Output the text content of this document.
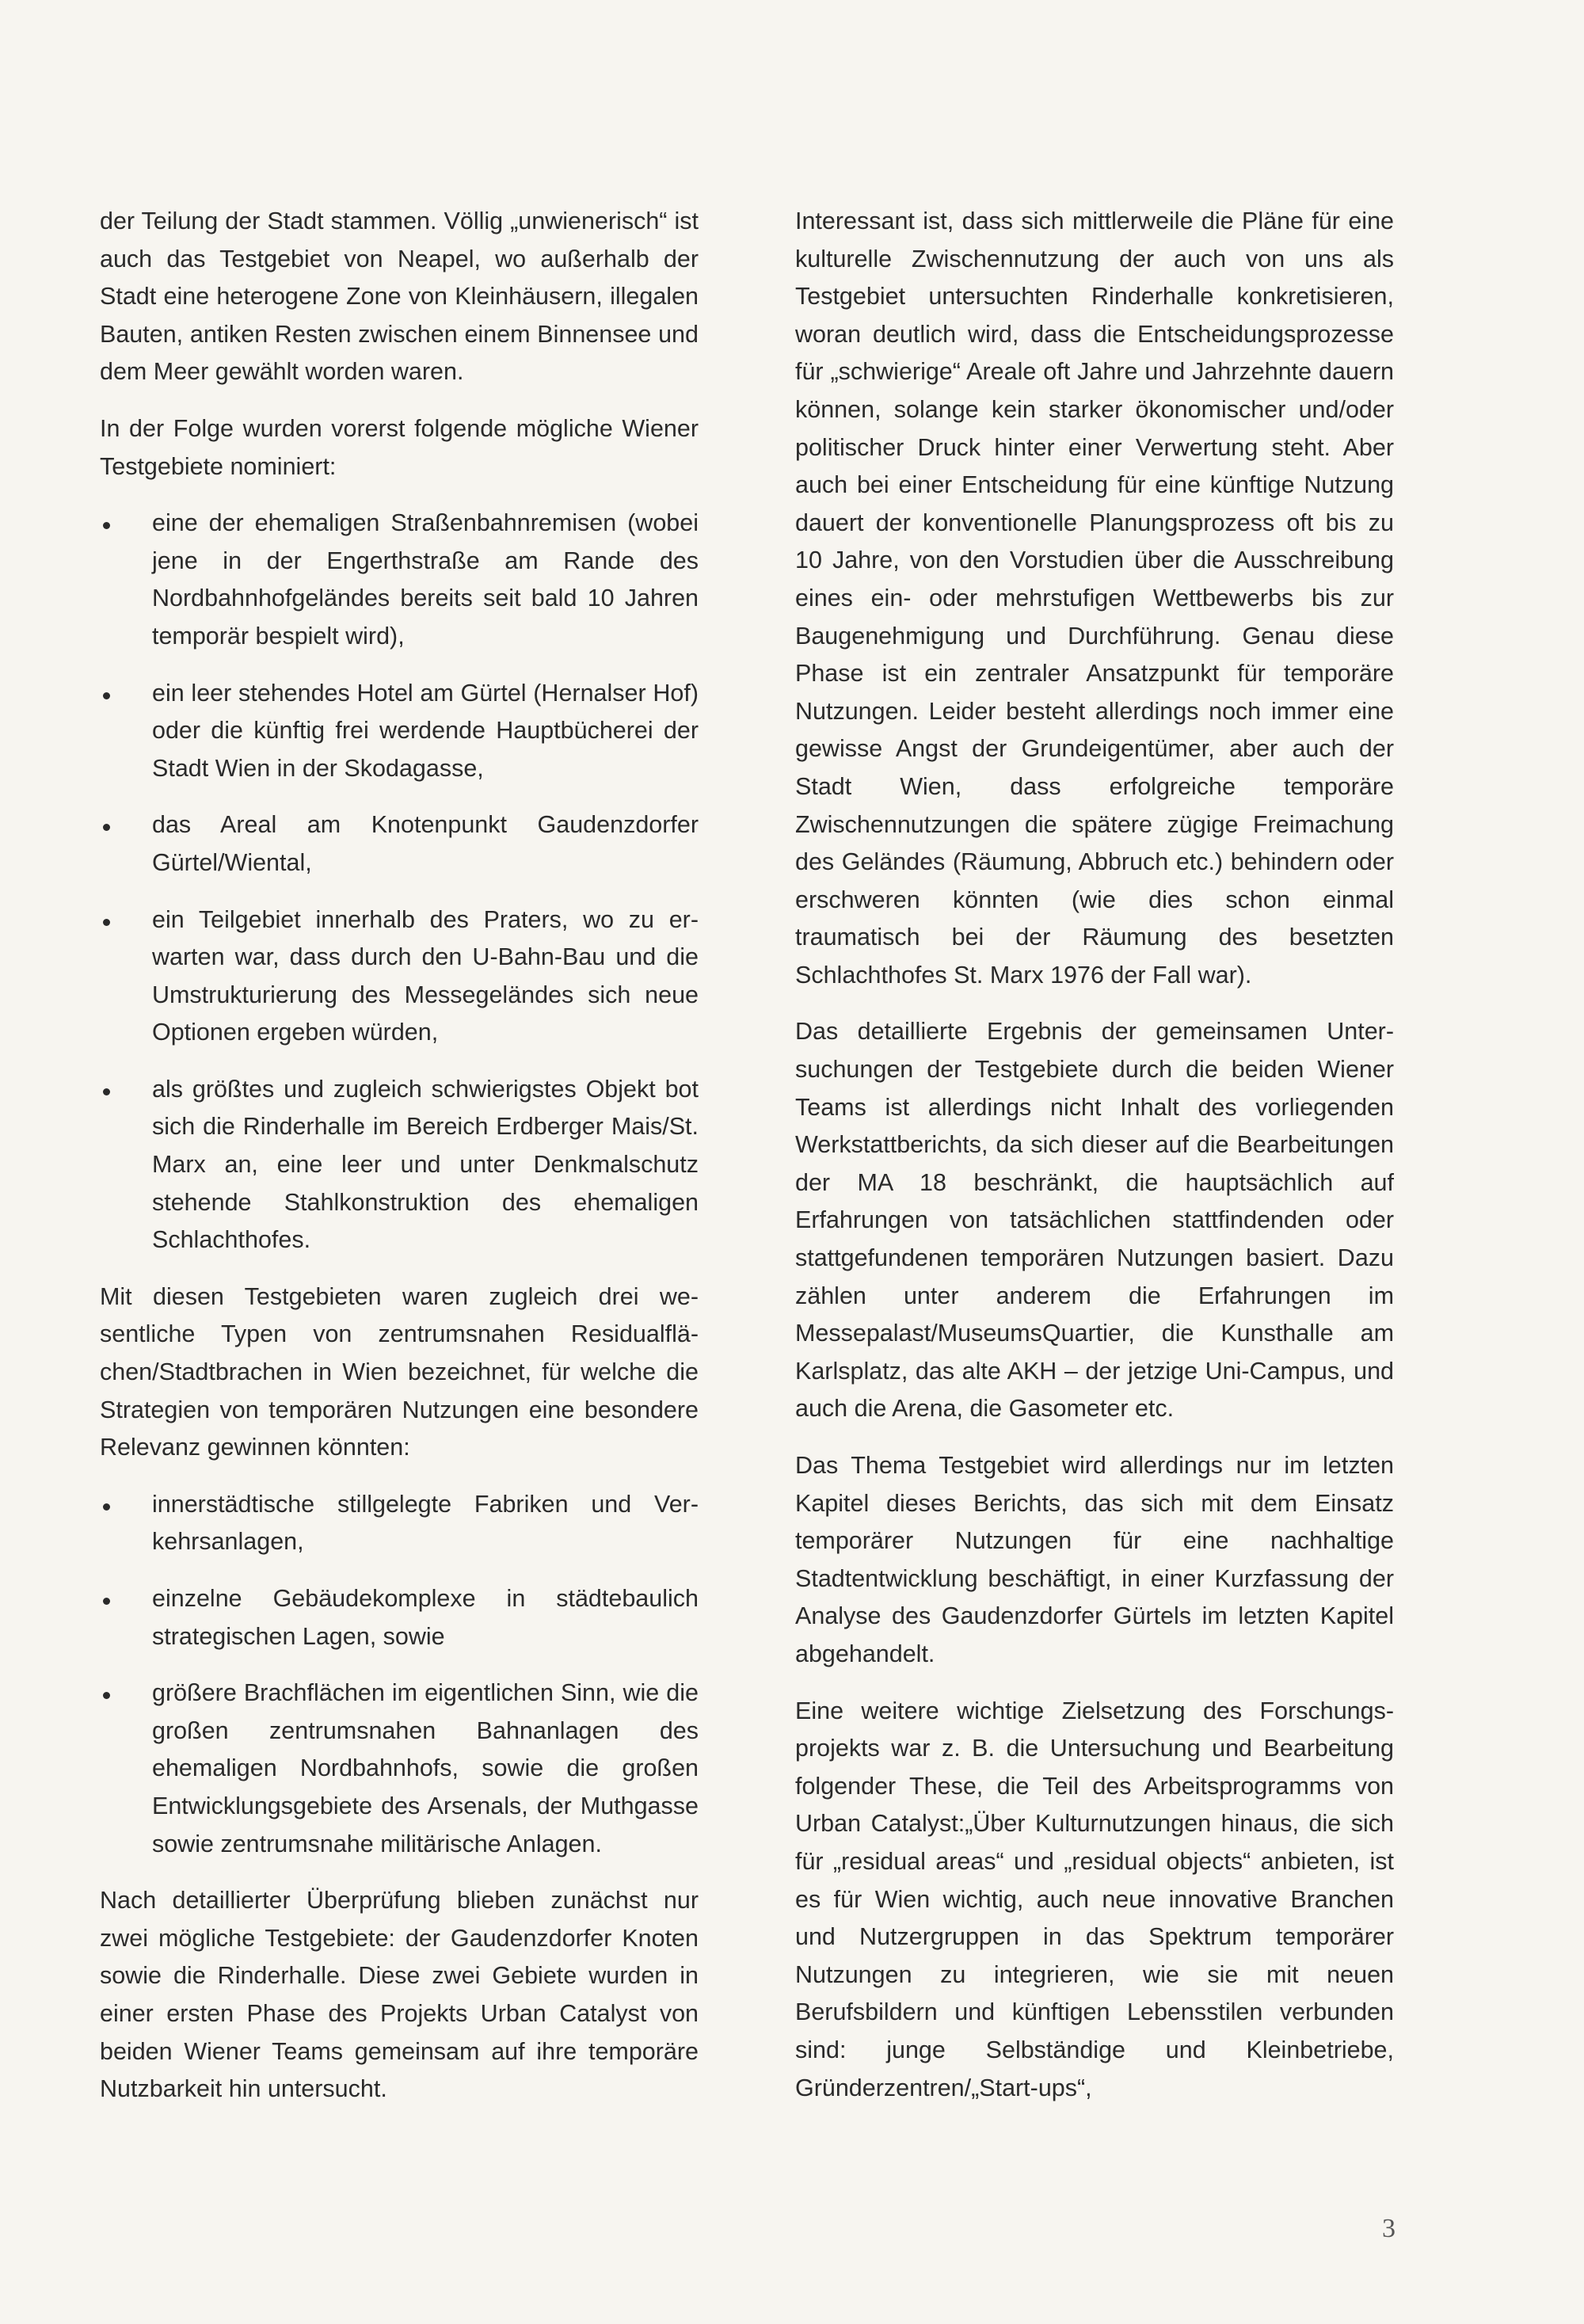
der Teilung der Stadt stammen. Völlig „unwienerisch“ ist auch das Testgebiet von Neapel, wo außerhalb der Stadt eine heterogene Zone von Kleinhäusern, illegalen Bauten, antiken Resten zwischen einem Binnensee und dem Meer gewählt worden waren.

In der Folge wurden vorerst folgende mögliche Wiener Testgebiete nominiert:

eine der ehemaligen Straßenbahnremisen (wobei jene in der Engerthstraße am Rande des Nordbahnhofgeländes bereits seit bald 10 Jahren temporär bespielt wird),
ein leer stehendes Hotel am Gürtel (Hernalser Hof) oder die künftig frei werdende Hauptbücherei der Stadt Wien in der Skodagasse,
das Areal am Knotenpunkt Gaudenzdorfer Gürtel/Wiental,
ein Teilgebiet innerhalb des Praters, wo zu erwarten war, dass durch den U-Bahn-Bau und die Umstrukturierung des Messegeländes sich neue Optionen ergeben würden,
als größtes und zugleich schwierigstes Objekt bot sich die Rinderhalle im Bereich Erdberger Mais/St. Marx an, eine leer und unter Denkmalschutz stehende Stahlkonstruktion des ehemaligen Schlachthofes.

Mit diesen Testgebieten waren zugleich drei wesentliche Typen von zentrumsnahen Residualflächen/Stadtbrachen in Wien bezeichnet, für welche die Strategien von temporären Nutzungen eine besondere Relevanz gewinnen könnten:

innerstädtische stillgelegte Fabriken und Verkehrsanlagen,
einzelne Gebäudekomplexe in städtebaulich strategischen Lagen, sowie
größere Brachflächen im eigentlichen Sinn, wie die großen zentrumsnahen Bahnanlagen des ehemaligen Nordbahnhofs, sowie die großen Entwicklungsgebiete des Arsenals, der Muthgasse sowie zentrumsnahe militärische Anlagen.

Nach detaillierter Überprüfung blieben zunächst nur zwei mögliche Testgebiete: der Gaudenzdorfer Knoten sowie die Rinderhalle. Diese zwei Gebiete wurden in einer ersten Phase des Projekts Urban Catalyst von beiden Wiener Teams gemeinsam auf ihre temporäre Nutzbarkeit hin untersucht.

Interessant ist, dass sich mittlerweile die Pläne für eine kulturelle Zwischennutzung der auch von uns als Testgebiet untersuchten Rinderhalle konkretisieren, woran deutlich wird, dass die Entscheidungsprozesse für „schwierige“ Areale oft Jahre und Jahrzehnte dauern können, solange kein starker ökonomischer und/oder politischer Druck hinter einer Verwertung steht. Aber auch bei einer Entscheidung für eine künftige Nutzung dauert der konventionelle Planungsprozess oft bis zu 10 Jahre, von den Vorstudien über die Ausschreibung eines ein- oder mehrstufigen Wettbewerbs bis zur Baugenehmigung und Durchführung. Genau diese Phase ist ein zentraler Ansatzpunkt für temporäre Nutzungen. Leider besteht allerdings noch immer eine gewisse Angst der Grundeigentümer, aber auch der Stadt Wien, dass erfolgreiche temporäre Zwischennutzungen die spätere zügige Freimachung des Geländes (Räumung, Abbruch etc.) behindern oder erschweren könnten (wie dies schon einmal traumatisch bei der Räumung des besetzten Schlachthofes St. Marx 1976 der Fall war).

Das detaillierte Ergebnis der gemeinsamen Untersuchungen der Testgebiete durch die beiden Wiener Teams ist allerdings nicht Inhalt des vorliegenden Werkstattberichts, da sich dieser auf die Bearbeitungen der MA 18 beschränkt, die hauptsächlich auf Erfahrungen von tatsächlichen stattfindenden oder stattgefundenen temporären Nutzungen basiert. Dazu zählen unter anderem die Erfahrungen im Messepalast/MuseumsQuartier, die Kunsthalle am Karlsplatz, das alte AKH – der jetzige Uni-Campus, und auch die Arena, die Gasometer etc.

Das Thema Testgebiet wird allerdings nur im letzten Kapitel dieses Berichts, das sich mit dem Einsatz temporärer Nutzungen für eine nachhaltige Stadtentwicklung beschäftigt, in einer Kurzfassung der Analyse des Gaudenzdorfer Gürtels im letzten Kapitel abgehandelt.

Eine weitere wichtige Zielsetzung des Forschungsprojekts war z. B. die Untersuchung und Bearbeitung folgender These, die Teil des Arbeitsprogramms von Urban Catalyst:„Über Kulturnutzungen hinaus, die sich für „residual areas“ und „residual objects“ anbieten, ist es für Wien wichtig, auch neue innovative Branchen und Nutzergruppen in das Spektrum temporärer Nutzungen zu integrieren, wie sie mit neuen Berufsbildern und künftigen Lebensstilen verbunden sind: junge Selbständige und Kleinbetriebe, Gründerzentren/„Start-ups“,

3
